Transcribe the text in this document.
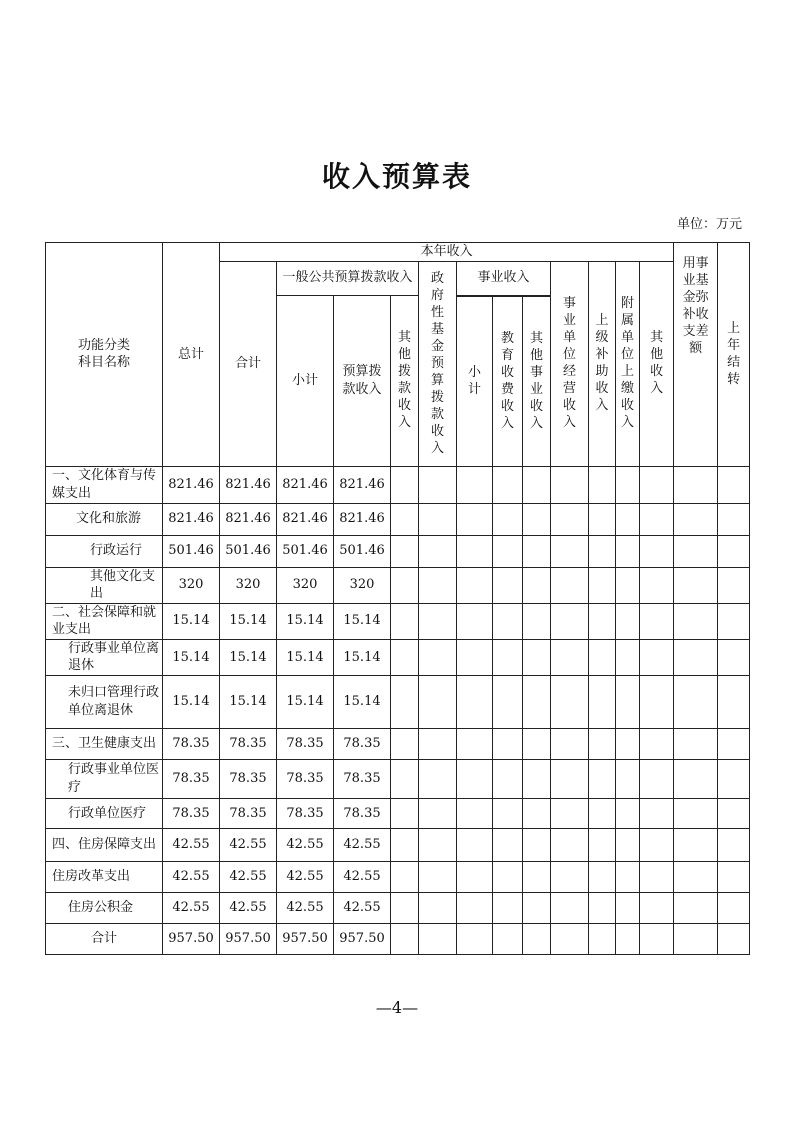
收入预算表
单位：万元
功能分类
科目名称	总计	本年收入												用事业基金弥补收支差额	上年结转
		合计	一般公共预算拨款收入			政府性基金预算拨款收入	事业收入			事业单位经营收入	上级补助收入	附属单位上缴收入	其他收入		
			小计	预算拨款收入	其他拨款收入										
							小计	教育收费收入	其他事业收入						
一、文化体育与传媒支出	821.46	821.46	821.46	821.46											
文化和旅游	821.46	821.46	821.46	821.46											
行政运行	501.46	501.46	501.46	501.46											
其他文化支出	320	320	320	320											
二、社会保障和就业支出	15.14	15.14	15.14	15.14											
行政事业单位离退休	15.14	15.14	15.14	15.14											
未归口管理行政单位离退休	15.14	15.14	15.14	15.14											
三、卫生健康支出	78.35	78.35	78.35	78.35											
行政事业单位医疗	78.35	78.35	78.35	78.35											
行政单位医疗	78.35	78.35	78.35	78.35											
四、住房保障支出	42.55	42.55	42.55	42.55											
住房改革支出	42.55	42.55	42.55	42.55											
住房公积金	42.55	42.55	42.55	42.55											
合计	957.50	957.50	957.50	957.50											
—4—
